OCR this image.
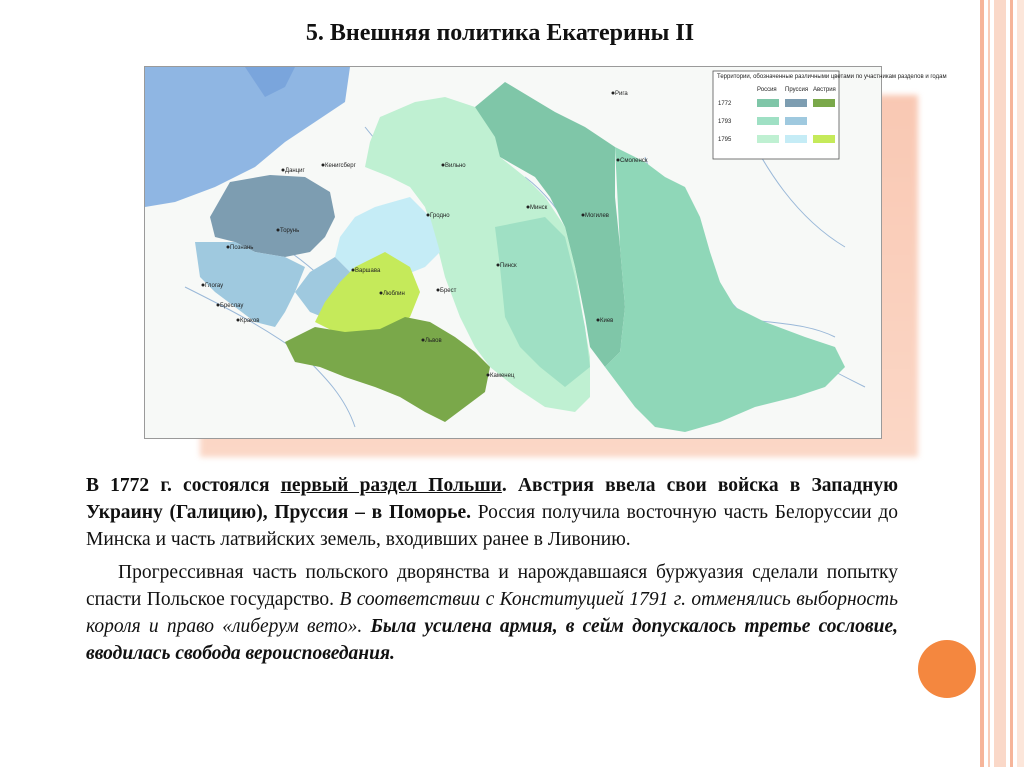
5. Внешняя политика Екатерины II
Территории, обозначенные различными цветами по участникам разделов и годам
Россия Пруссия Австрия
1772
1793
1795
Рига
Варшава
Краков
Вильно
Минск
Гродно
Брест
Люблин
Данциг
Торунь
Познань
Бреслау
Кенигсберг
Львов
Каменец
Смоленск
Киев
Могилев
Пинск
Глогау

В 1772 г. состоялся первый раздел Польши. Австрия ввела свои войска в Западную Украину (Галицию), Пруссия – в Поморье. Россия получила восточную часть Белоруссии до Минска и часть латвийских земель, входивших ранее в Ливонию.

Прогрессивная часть польского дворянства и нарождавшаяся буржуазия сделали попытку спасти Польское государство. В соответствии с Конституцией 1791 г. отменялись выборность короля и право «либерум вето». Была усилена армия, в сейм допускалось третье сословие, вводилась свобода вероисповедания.
